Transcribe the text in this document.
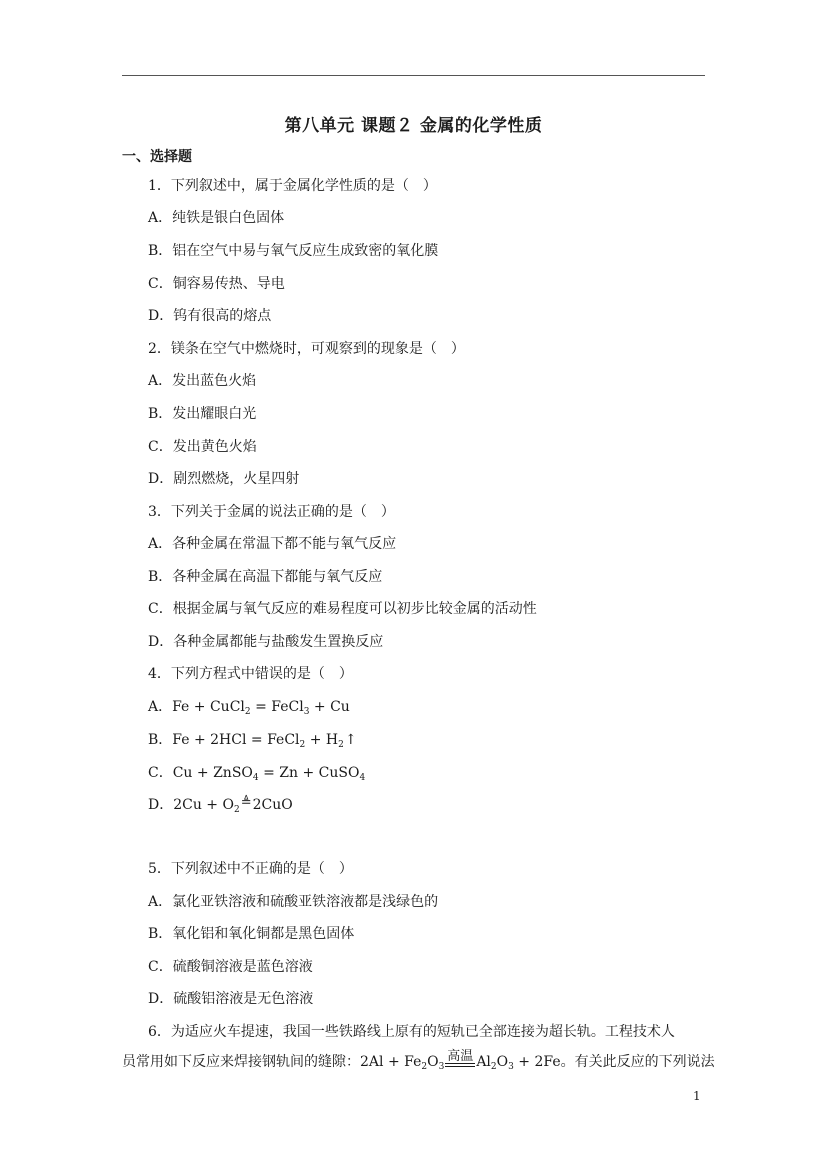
第八单元 课题２ 金属的化学性质
一、选择题
1．下列叙述中，属于金属化学性质的是（　）
A．纯铁是银白色固体
B．铝在空气中易与氧气反应生成致密的氧化膜
C．铜容易传热、导电
D．钨有很高的熔点
2．镁条在空气中燃烧时，可观察到的现象是（　）
A．发出蓝色火焰
B．发出耀眼白光
C．发出黄色火焰
D．剧烈燃烧，火星四射
3．下列关于金属的说法正确的是（　）
A．各种金属在常温下都不能与氧气反应
B．各种金属在高温下都能与氧气反应
C．根据金属与氧气反应的难易程度可以初步比较金属的活动性
D．各种金属都能与盐酸发生置换反应
4．下列方程式中错误的是（　）
A．Fe + CuCl$_2$ = FeCl$_3$ + Cu
B．Fe + 2HCl = FeCl$_2$ + $H_2↑$
C．Cu + ZnSO$_4$ = Zn + CuSO$_4$
D．$2Cu + O_2≜2CuO$
5．下列叙述中不正确的是（　）
A．氯化亚铁溶液和硫酸亚铁溶液都是浅绿色的
B．氧化铝和氧化铜都是黑色固体
C．硫酸铜溶液是蓝色溶液
D．硫酸铝溶液是无色溶液
6．为适应火车提速，我国一些铁路线上原有的短轨已全部连接为超长轨。工程技术人
员常用如下反应来焊接钢轨间的缝隙：$2Al + Fe_2O_3$
高温 $Al_2O_3 + 2Fe$。有关此反应的下列说法
1
